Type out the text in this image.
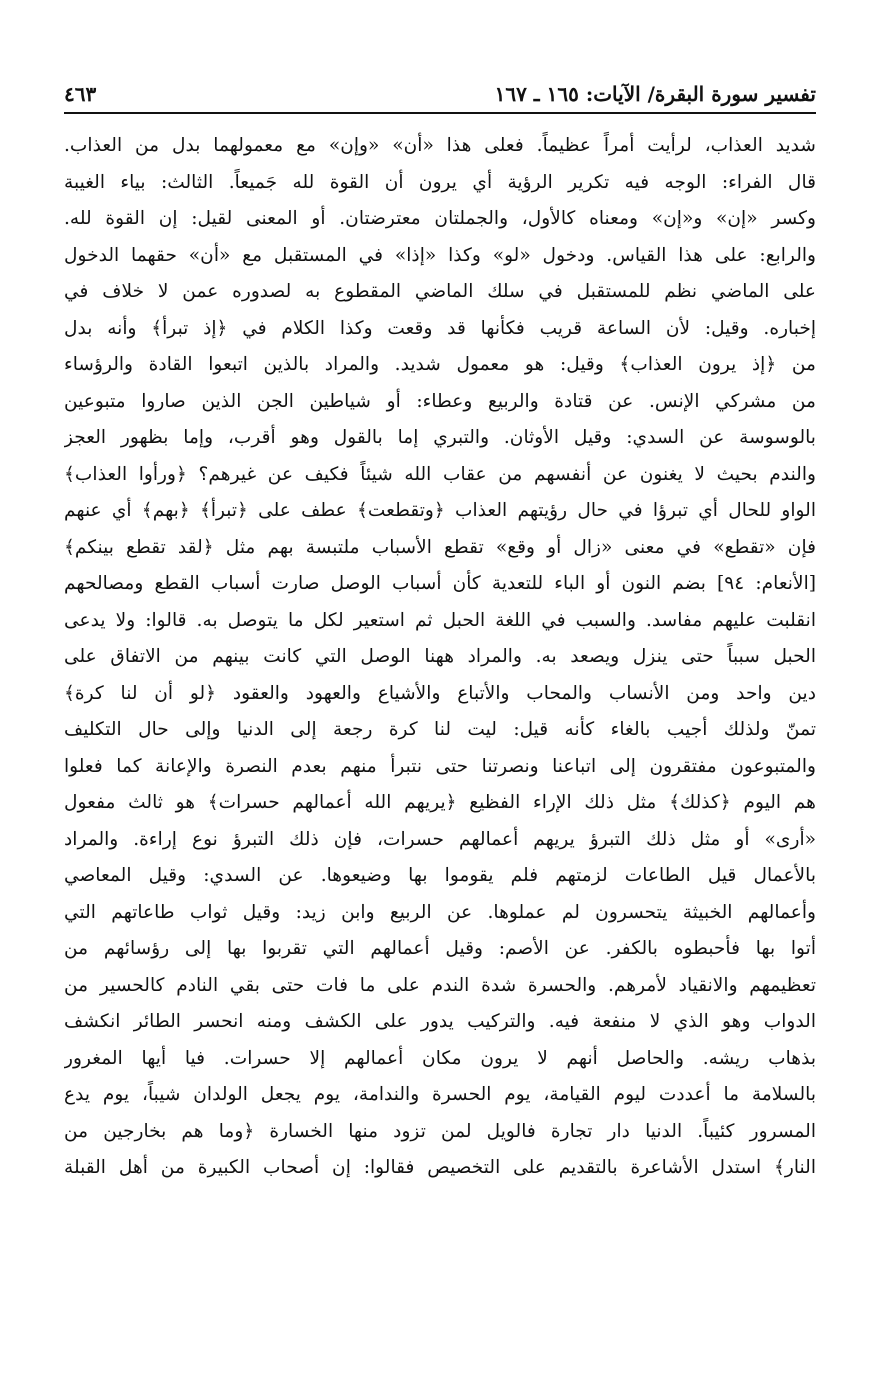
تفسير سورة البقرة/ الآيات: ١٦٥ ـ ١٦٧
٤٦٣
شديد العذاب، لرأيت أمراً عظيماً. فعلى هذا «أن» «وإن» مع معمولهما بدل من العذاب.
قال الفراء: الوجه فيه تكرير الرؤية أي يرون أن القوة لله جَميعاً. الثالث: بياء الغيبة
وكسر «إن» و«إن» ومعناه كالأول، والجملتان معترضتان. أو المعنى لقيل: إن القوة لله.
والرابع: على هذا القياس. ودخول «لو» وكذا «إذا» في المستقبل مع «أن» حقهما الدخول
على الماضي نظم للمستقبل في سلك الماضي المقطوع به لصدوره عمن لا خلاف في
إخباره. وقيل: لأن الساعة قريب فكأنها قد وقعت وكذا الكلام في ﴿إذ تبرأ﴾ وأنه بدل
من ﴿إذ يرون العذاب﴾ وقيل: هو معمول شديد. والمراد بالذين اتبعوا القادة والرؤساء
من مشركي الإنس. عن قتادة والربيع وعطاء: أو شياطين الجن الذين صاروا متبوعين
بالوسوسة عن السدي: وقيل الأوثان. والتبري إما بالقول وهو أقرب، وإما بظهور العجز
والندم بحيث لا يغنون عن أنفسهم من عقاب الله شيئاً فكيف عن غيرهم؟ ﴿ورأوا العذاب﴾
الواو للحال أي تبرؤا في حال رؤيتهم العذاب ﴿وتقطعت﴾ عطف على ﴿تبرأ﴾ ﴿بهم﴾ أي عنهم
فإن «تقطع» في معنى «زال أو وقع» تقطع الأسباب ملتبسة بهم مثل ﴿لقد تقطع بينكم﴾
[الأنعام: ٩٤] بضم النون أو الباء للتعدية كأن أسباب الوصل صارت أسباب القطع ومصالحهم
انقلبت عليهم مفاسد. والسبب في اللغة الحبل ثم استعير لكل ما يتوصل به. قالوا: ولا يدعى
الحبل سبباً حتى ينزل ويصعد به. والمراد ههنا الوصل التي كانت بينهم من الاتفاق على
دين واحد ومن الأنساب والمحاب والأتباع والأشياع والعهود والعقود ﴿لو أن لنا كرة﴾
تمنّ ولذلك أجيب بالغاء كأنه قيل: ليت لنا كرة رجعة إلى الدنيا وإلى حال التكليف
والمتبوعون مفتقرون إلى اتباعنا ونصرتنا حتى نتبرأ منهم بعدم النصرة والإعانة كما فعلوا
هم اليوم ﴿كذلك﴾ مثل ذلك الإراء الفظيع ﴿يريهم الله أعمالهم حسرات﴾ هو ثالث مفعول
«أرى» أو مثل ذلك التبرؤ يريهم أعمالهم حسرات، فإن ذلك التبرؤ نوع إراءة. والمراد
بالأعمال قيل الطاعات لزمتهم فلم يقوموا بها وضيعوها. عن السدي: وقيل المعاصي
وأعمالهم الخبيثة يتحسرون لم عملوها. عن الربيع وابن زيد: وقيل ثواب طاعاتهم التي
أتوا بها فأحبطوه بالكفر. عن الأصم: وقيل أعمالهم التي تقربوا بها إلى رؤسائهم من
تعظيمهم والانقياد لأمرهم. والحسرة شدة الندم على ما فات حتى بقي النادم كالحسير من
الدواب وهو الذي لا منفعة فيه. والتركيب يدور على الكشف ومنه انحسر الطائر انكشف
بذهاب ريشه. والحاصل أنهم لا يرون مكان أعمالهم إلا حسرات. فيا أيها المغرور
بالسلامة ما أعددت ليوم القيامة، يوم الحسرة والندامة، يوم يجعل الولدان شيباً، يوم يدع
المسرور كئيباً. الدنيا دار تجارة فالويل لمن تزود منها الخسارة ﴿وما هم بخارجين من
النار﴾ استدل الأشاعرة بالتقديم على التخصيص فقالوا: إن أصحاب الكبيرة من أهل القبلة
